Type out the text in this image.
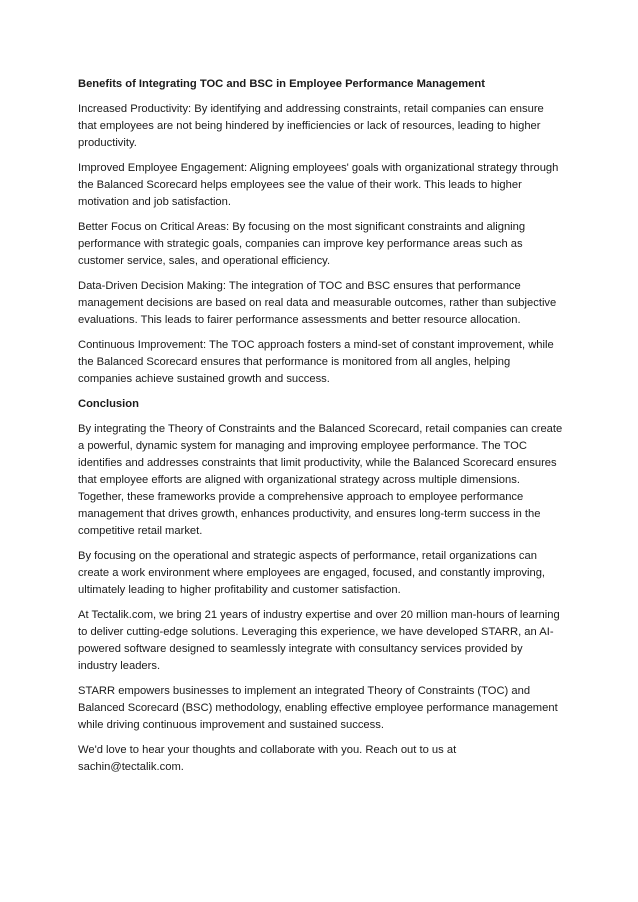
Benefits of Integrating TOC and BSC in Employee Performance Management

Increased Productivity: By identifying and addressing constraints, retail companies can ensure that employees are not being hindered by inefficiencies or lack of resources, leading to higher productivity.

Improved Employee Engagement: Aligning employees' goals with organizational strategy through the Balanced Scorecard helps employees see the value of their work. This leads to higher motivation and job satisfaction.

Better Focus on Critical Areas: By focusing on the most significant constraints and aligning performance with strategic goals, companies can improve key performance areas such as customer service, sales, and operational efficiency.

Data-Driven Decision Making: The integration of TOC and BSC ensures that performance management decisions are based on real data and measurable outcomes, rather than subjective evaluations. This leads to fairer performance assessments and better resource allocation.

Continuous Improvement: The TOC approach fosters a mind-set of constant improvement, while the Balanced Scorecard ensures that performance is monitored from all angles, helping companies achieve sustained growth and success.

Conclusion

By integrating the Theory of Constraints and the Balanced Scorecard, retail companies can create a powerful, dynamic system for managing and improving employee performance. The TOC identifies and addresses constraints that limit productivity, while the Balanced Scorecard ensures that employee efforts are aligned with organizational strategy across multiple dimensions. Together, these frameworks provide a comprehensive approach to employee performance management that drives growth, enhances productivity, and ensures long-term success in the competitive retail market.

By focusing on the operational and strategic aspects of performance, retail organizations can create a work environment where employees are engaged, focused, and constantly improving, ultimately leading to higher profitability and customer satisfaction.

At Tectalik.com, we bring 21 years of industry expertise and over 20 million man-hours of learning to deliver cutting-edge solutions. Leveraging this experience, we have developed STARR, an AI-powered software designed to seamlessly integrate with consultancy services provided by industry leaders.

STARR empowers businesses to implement an integrated Theory of Constraints (TOC) and Balanced Scorecard (BSC) methodology, enabling effective employee performance management while driving continuous improvement and sustained success.

We'd love to hear your thoughts and collaborate with you. Reach out to us at sachin@tectalik.com.
